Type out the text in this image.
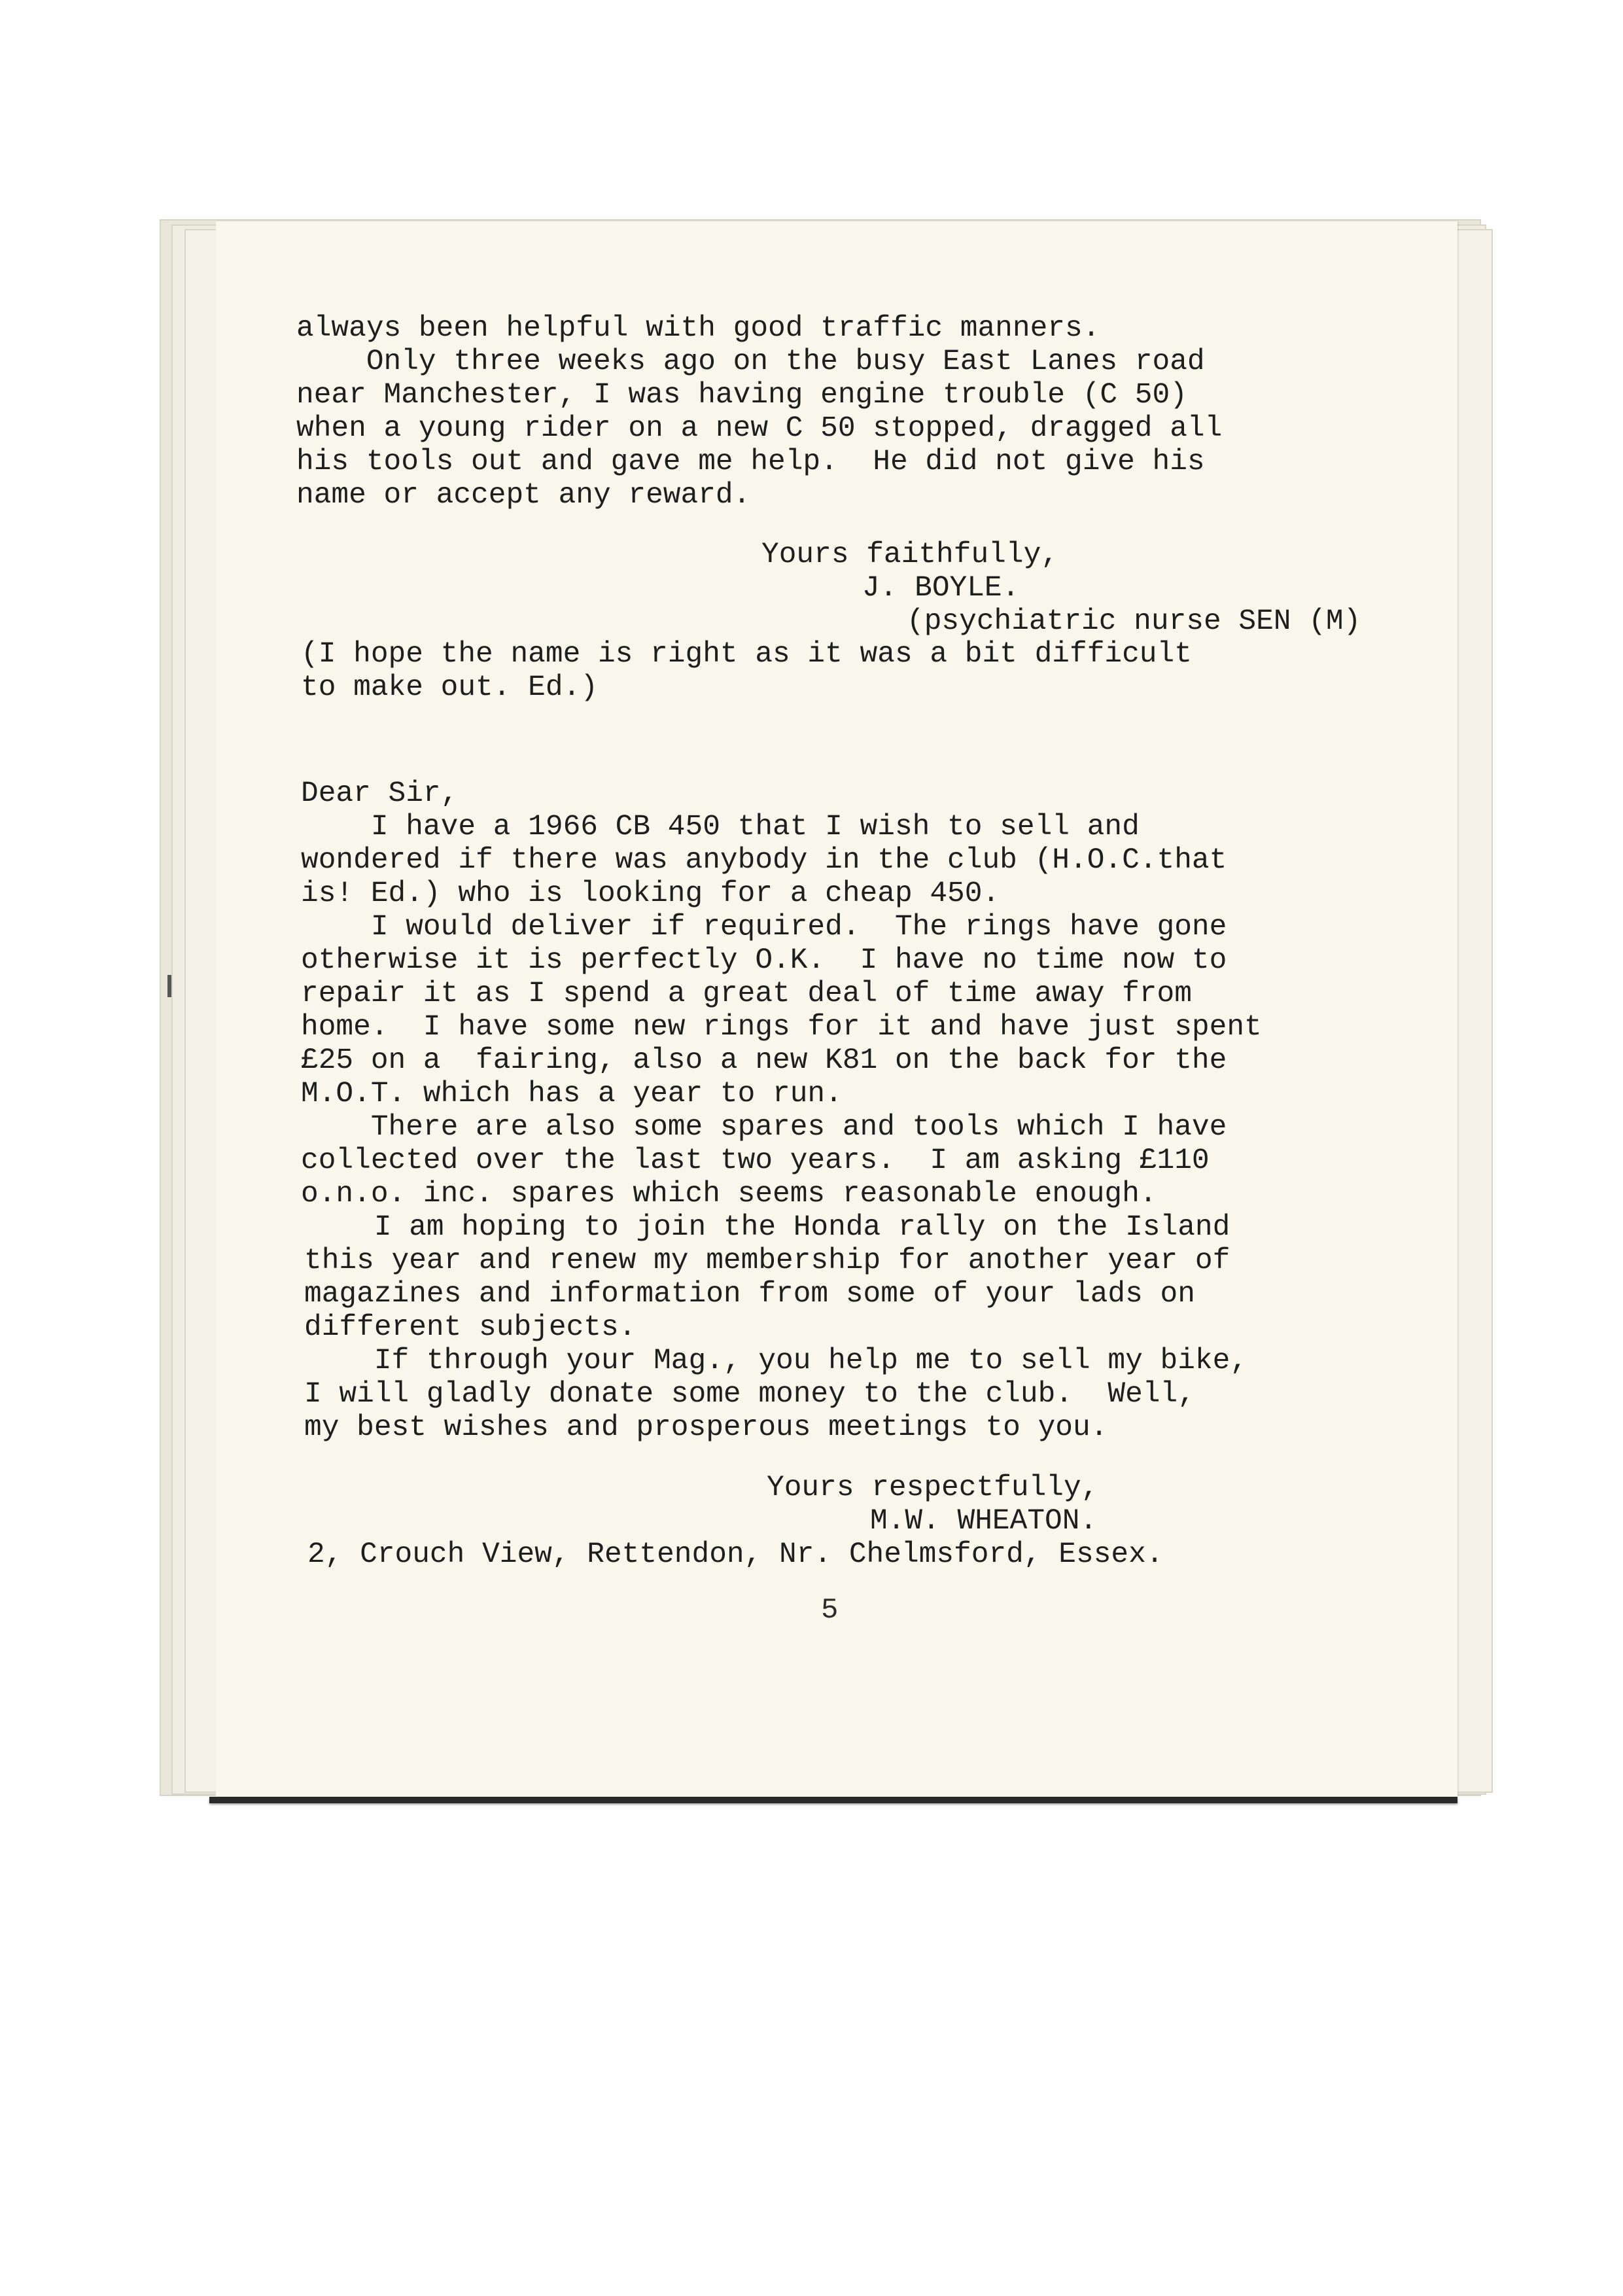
always been helpful with good traffic manners.
Only three weeks ago on the busy East Lanes road
near Manchester, I was having engine trouble (C 50)
when a young rider on a new C 50 stopped, dragged all
his tools out and gave me help.  He did not give his
name or accept any reward.
Yours faithfully,
J. BOYLE.
(psychiatric nurse SEN (M)
(I hope the name is right as it was a bit difficult
to make out. Ed.)
Dear Sir,
I have a 1966 CB 450 that I wish to sell and
wondered if there was anybody in the club (H.O.C.that
is! Ed.) who is looking for a cheap 450.
I would deliver if required.  The rings have gone
otherwise it is perfectly O.K.  I have no time now to
repair it as I spend a great deal of time away from
home.  I have some new rings for it and have just spent
£25 on a  fairing, also a new K81 on the back for the
M.O.T. which has a year to run.
There are also some spares and tools which I have
collected over the last two years.  I am asking £110
o.n.o. inc. spares which seems reasonable enough.
I am hoping to join the Honda rally on the Island
this year and renew my membership for another year of
magazines and information from some of your lads on
different subjects.
If through your Mag., you help me to sell my bike,
I will gladly donate some money to the club.  Well,
my best wishes and prosperous meetings to you.
Yours respectfully,
M.W. WHEATON.
2, Crouch View, Rettendon, Nr. Chelmsford, Essex.
5
